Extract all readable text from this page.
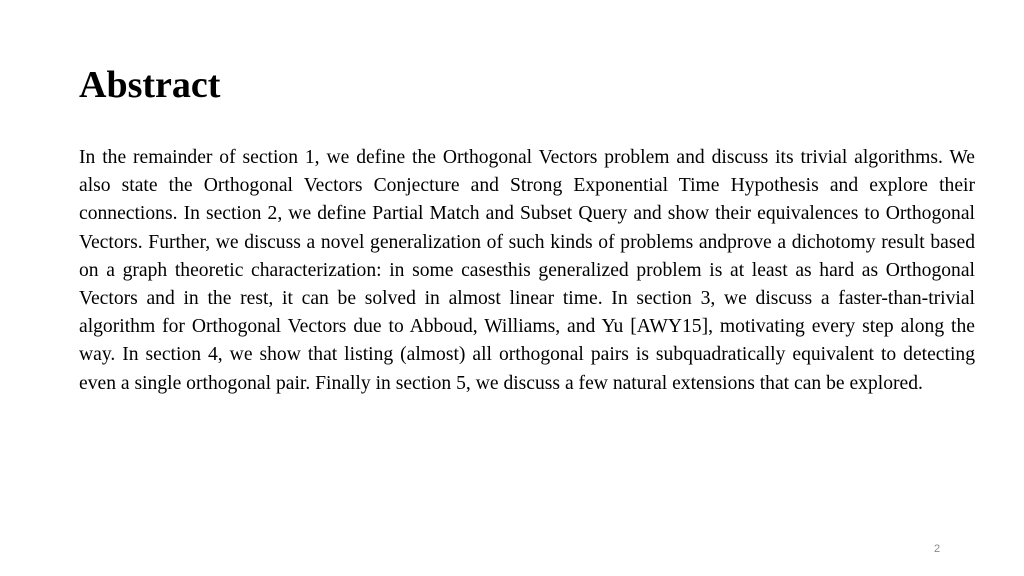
Abstract

In the remainder of section 1, we define the Orthogonal Vectors problem and discuss its trivial algorithms. We also state the Orthogonal Vectors Conjecture and Strong Exponential Time Hypothesis and explore their connections. In section 2, we define Partial Match and Subset Query and show their equivalences to Orthogonal Vectors. Further, we discuss a novel generalization of such kinds of problems andprove a dichotomy result based on a graph theoretic characterization: in some casesthis generalized problem is at least as hard as Orthogonal Vectors and in the rest, it can be solved in almost linear time. In section 3, we discuss a faster-than-trivial algorithm for Orthogonal Vectors due to Abboud, Williams, and Yu [AWY15], motivating every step along the way. In section 4, we show that listing (almost) all orthogonal pairs is subquadratically equivalent to detecting even a single orthogonal pair. Finally in section 5, we discuss a few natural extensions that can be explored.

2
